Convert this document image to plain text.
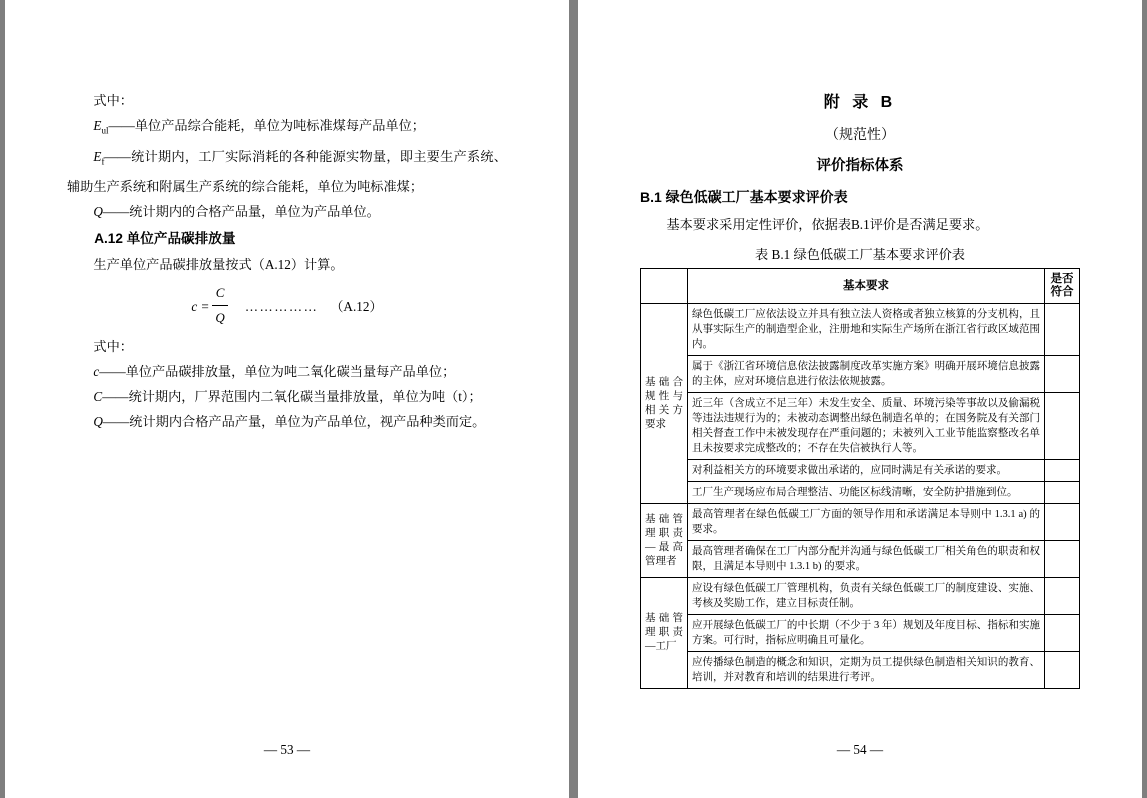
式中：

$E_{ul}——$单位产品综合能耗，单位为吨标准煤每产品单位；

$E_f——$统计期内，工厂实际消耗的各种能源实物量，即主要生产系统、辅助生产系统和附属生产系统的综合能耗，单位为吨标准煤；

Q——统计期内的合格产品量，单位为产品单位。

A.12 单位产品碳排放量

生产单位产品碳排放量按式（A.12）计算。

$c = \frac{C}{Q}$ …………… （A.12）

式中：

c——单位产品碳排放量，单位为吨二氧化碳当量每产品单位；

C——统计期内，厂界范围内二氧化碳当量排放量，单位为吨（t）；

Q——统计期内合格产品产量，单位为产品单位，视产品种类而定。

— 53 —

附 录 B

（规范性）

评价指标体系

B.1 绿色低碳工厂基本要求评价表

基本要求采用定性评价，依据表B.1评价是否满足要求。

表 B.1 绿色低碳工厂基本要求评价表

	基本要求	是否符合
基础合规性与相关方要求	绿色低碳工厂应依法设立并具有独立法人资格或者独立核算的分支机构，且从事实际生产的制造型企业，注册地和实际生产场所在浙江省行政区域范围内。	
	属于《浙江省环境信息依法披露制度改革实施方案》明确开展环境信息披露的主体，应对环境信息进行依法依规披露。	
	近三年（含成立不足三年）未发生安全、质量、环境污染等事故以及偷漏税等违法违规行为的；未被动态调整出绿色制造名单的；在国务院及有关部门相关督查工作中未被发现存在严重问题的；未被列入工业节能监察整改名单且未按要求完成整改的；不存在失信被执行人等。	
	对利益相关方的环境要求做出承诺的，应同时满足有关承诺的要求。	
	工厂生产现场应布局合理整洁、功能区标线清晰，安全防护措施到位。	
基础管理职责—最高管理者	最高管理者在绿色低碳工厂方面的领导作用和承诺满足本导则中 1.3.1 a) 的要求。	
	最高管理者确保在工厂内部分配并沟通与绿色低碳工厂相关角色的职责和权限，且满足本导则中 1.3.1 b) 的要求。	
基础管理职责—工厂	应设有绿色低碳工厂管理机构，负责有关绿色低碳工厂的制度建设、实施、考核及奖励工作，建立目标责任制。	
	应开展绿色低碳工厂的中长期（不少于 3 年）规划及年度目标、指标和实施方案。可行时，指标应明确且可量化。	
	应传播绿色制造的概念和知识，定期为员工提供绿色制造相关知识的教育、培训，并对教育和培训的结果进行考评。	
— 54 —
